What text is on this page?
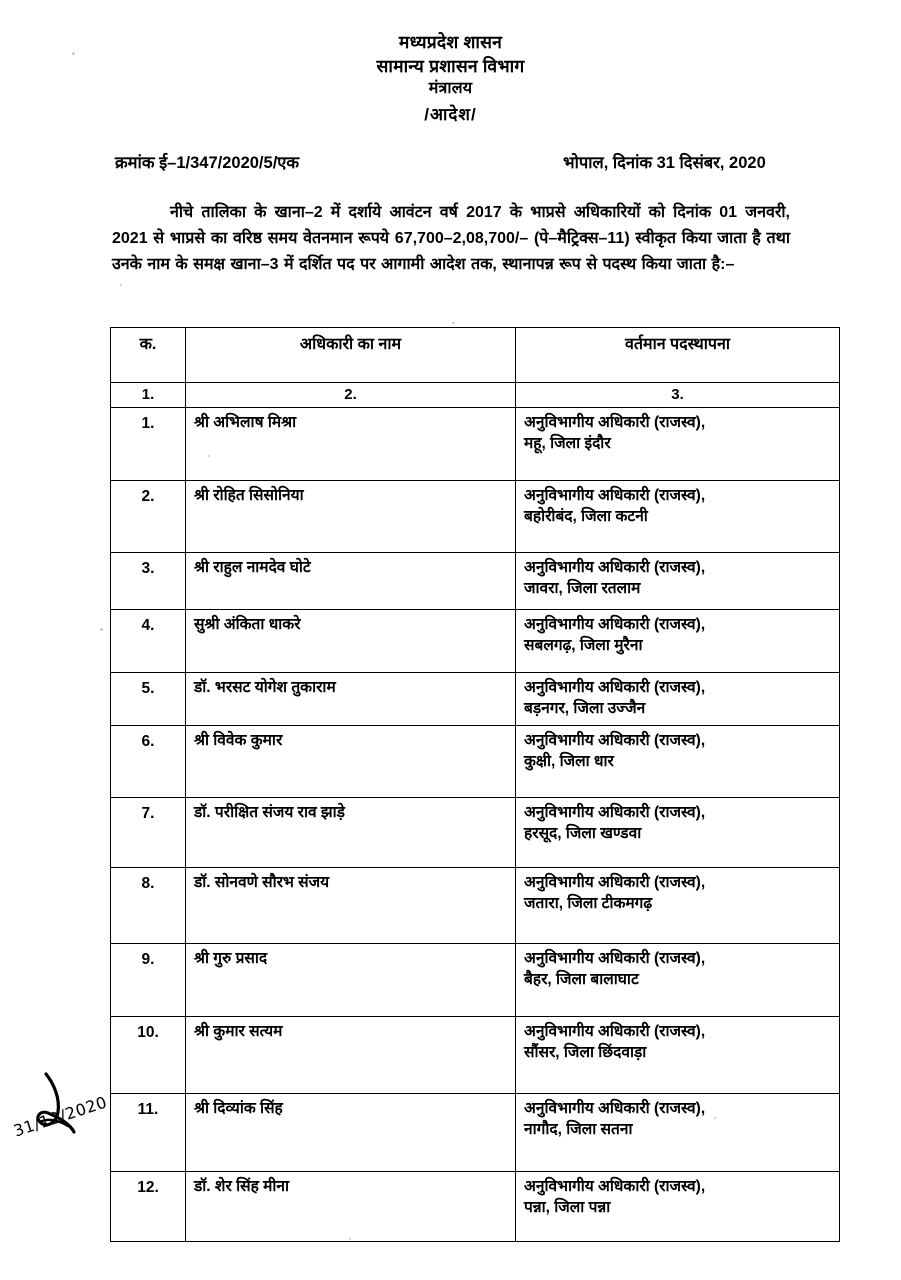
मध्यप्रदेश शासन
सामान्य प्रशासन विभाग
मंत्रालय
/आदेश/
क्रमांक ई–1/347/2020/5/एक	भोपाल, दिनांक 31 दिसंबर, 2020
नीचे तालिका के खाना–2 में दर्शाये आवंटन वर्ष 2017 के भाप्रसे अधिकारियों को दिनांक 01 जनवरी, 2021 से भाप्रसे का वरिष्ठ समय वेतनमान रूपये 67,700–2,08,700/– (पे–मैट्रिक्स–11) स्वीकृत किया जाता है तथा उनके नाम के समक्ष खाना–3 में दर्शित पद पर आगामी आदेश तक, स्थानापन्न रूप से पदस्थ किया जाता है:–
क.	अधिकारी का नाम	वर्तमान पदस्थापना
1.	2.	3.
1.	श्री अभिलाष मिश्रा	अनुविभागीय अधिकारी (राजस्व),
महू, जिला इंदौर

2.	श्री रोहित सिसोनिया	अनुविभागीय अधिकारी (राजस्व),
बहोरीबंद, जिला कटनी

3.	श्री राहुल नामदेव घोटे	अनुविभागीय अधिकारी (राजस्व),
जावरा, जिला रतलाम

4.	सुश्री अंकिता धाकरे	अनुविभागीय अधिकारी (राजस्व),
सबलगढ़, जिला मुरैना

5.	डॉ. भरसट योगेश तुकाराम	अनुविभागीय अधिकारी (राजस्व),
बड़नगर, जिला उज्जैन

6.	श्री विवेक कुमार	अनुविभागीय अधिकारी (राजस्व),
कुक्षी, जिला धार

7.	डॉ. परीक्षित संजय राव झाड़े	अनुविभागीय अधिकारी (राजस्व),
हरसूद, जिला खण्डवा

8.	डॉ. सोनवणे सौरभ संजय	अनुविभागीय अधिकारी (राजस्व),
जतारा, जिला टीकमगढ़

9.	श्री गुरु प्रसाद	अनुविभागीय अधिकारी (राजस्व),
बैहर, जिला बालाघाट

10.	श्री कुमार सत्यम	अनुविभागीय अधिकारी (राजस्व),
सौंसर, जिला छिंदवाड़ा

11.	श्री दिव्यांक सिंह	अनुविभागीय अधिकारी (राजस्व),
नागौद, जिला सतना

12.	डॉ. शेर सिंह मीना	अनुविभागीय अधिकारी (राजस्व),
पन्ना, जिला पन्ना
31/12/2020
